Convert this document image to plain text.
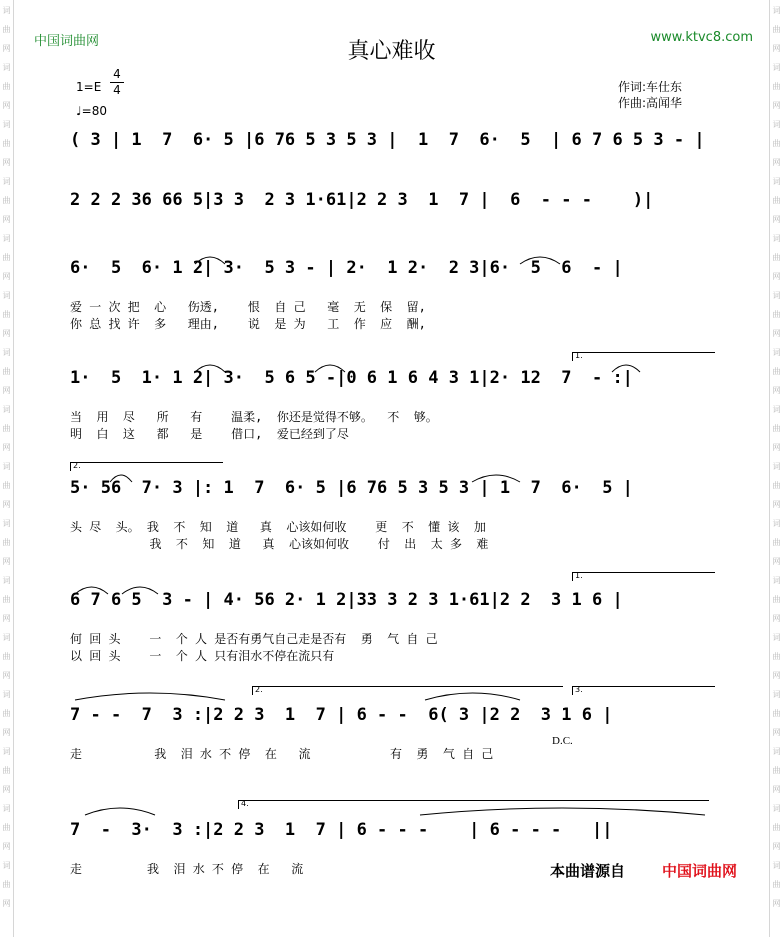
词
曲
网
词
曲
网
词
曲
网
词
曲
网
词
曲
网
词
曲
网
词
曲
网
词
曲
网
词
曲
网
词
曲
网
词
曲
网
词
曲
网
词
曲
网
词
曲
网
词
曲
网
词
曲
网
词
曲
网
词
曲
网
词
曲
网
词
曲
网
词
曲
网
词
曲
网
词
曲
网
词
曲
网
词
曲
网
词
曲
网
词
曲
网
词
曲
网
词
曲
网
词
曲
网
词
曲
网
词
曲
网
中国词曲网	www.ktvc8.com
真心难收
1=E
4
4
♩=80
作词:车仕东
作曲:高闻华
( 3 | 1  7  6· 5 |6 76 5 3 5 3 |  1  7  6·  5  | 6 7 6 5 3 - |
2 2 2 36 66 5|3 3  2 3 1·61|2 2 3  1  7 |  6  - - -    )|
6·  5  6· 1 2| 3·  5 3 - | 2·  1 2·  2 3|6·  5  6  - |
爱 一 次 把  心   伤透,    恨  自 己   毫  无  保  留,
你 总 找 许  多   理由,    说  是 为   工  作  应  酬,
1·  5  1· 1 2| 3·  5 6 5 -|0 6 1 6 4 3 1|2· 12  7  - :|
当  用  尽   所   有    温柔,  你还是觉得不够。  不  够。
明  白  这   都   是    借口,  爱已经到了尽
5· 56  7· 3 |: 1  7  6· 5 |6 76 5 3 5 3 | 1  7  6·  5 |
头 尽  头。 我  不  知  道   真  心该如何收    更  不  懂 该  加
我  不  知  道   真  心该如何收    付  出  太 多  难
6 7 6 5  3 - | 4· 56 2· 1 2|33 3 2 3 1·61|2 2  3 1 6 |
何 回 头    一  个 人 是否有勇气自己走是否有  勇  气 自 己
以 回 头    一  个 人 只有泪水不停在流只有
7 - -  7  3 :|2 2 3  1  7 | 6 - -  6( 3 |2 2  3 1 6 |
走          我  泪 水 不 停  在   流           有  勇  气 自 己
7  -  3·  3 :|2 2 3  1  7 | 6 - - -    | 6 - - -   ||
走         我  泪 水 不 停  在   流
1.
2.
1.
2.	3.
4.
D.C.
本曲谱源自 中国词曲网
